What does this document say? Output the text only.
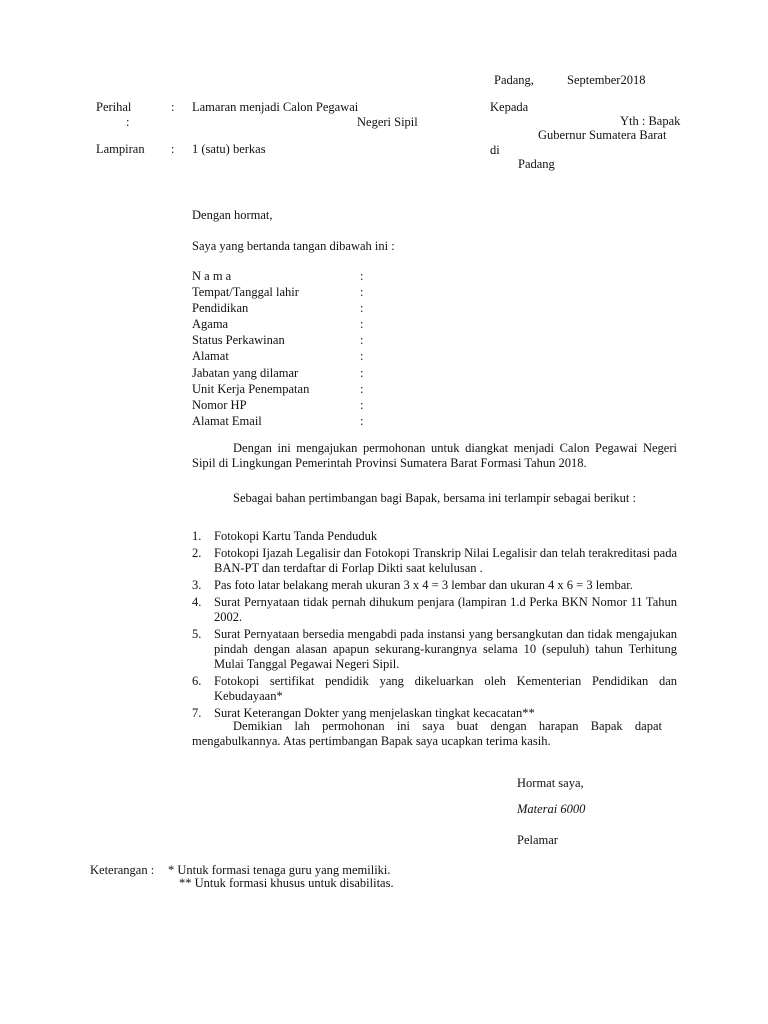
Padang,	September2018
Perihal	: Lamaran menjadi Calon Pegawai
:	Negeri Sipil
Kepada
Yth : Bapak
Gubernur Sumatera Barat
di
Padang
Lampiran : 1 (satu) berkas
Dengan hormat,
Saya yang bertanda tangan dibawah ini :
N a m a	:
Tempat/Tanggal lahir	:
Pendidikan	:
Agama	:
Status Perkawinan	:
Alamat	:
Jabatan yang dilamar	:
Unit Kerja Penempatan	:
Nomor HP	:
Alamat Email	:
Dengan ini mengajukan permohonan untuk diangkat menjadi Calon Pegawai Negeri Sipil di Lingkungan Pemerintah Provinsi Sumatera Barat Formasi Tahun 2018.
Sebagai bahan pertimbangan bagi Bapak, bersama ini terlampir sebagai berikut :
1. Fotokopi Kartu Tanda Penduduk
2. Fotokopi Ijazah Legalisir dan Fotokopi Transkrip Nilai Legalisir dan telah terakreditasi pada BAN-PT dan terdaftar di Forlap Dikti saat kelulusan .
3. Pas foto latar belakang merah ukuran 3 x 4 = 3 lembar dan ukuran 4 x 6 = 3 lembar.
4. Surat Pernyataan tidak pernah dihukum penjara (lampiran 1.d Perka BKN Nomor 11 Tahun 2002.
5. Surat Pernyataan bersedia mengabdi pada instansi yang bersangkutan dan tidak mengajukan pindah dengan alasan apapun sekurang-kurangnya selama 10 (sepuluh) tahun Terhitung Mulai Tanggal Pegawai Negeri Sipil.
6. Fotokopi sertifikat pendidik yang dikeluarkan oleh Kementerian Pendidikan dan Kebudayaan*
7. Surat Keterangan Dokter yang menjelaskan tingkat kecacatan**
Demikian lah permohonan ini saya buat dengan harapan Bapak dapat mengabulkannya. Atas pertimbangan Bapak saya ucapkan terima kasih.
Hormat saya,
Materai 6000
Pelamar
Keterangan : * Untuk formasi tenaga guru yang memiliki.
** Untuk formasi khusus untuk disabilitas.
